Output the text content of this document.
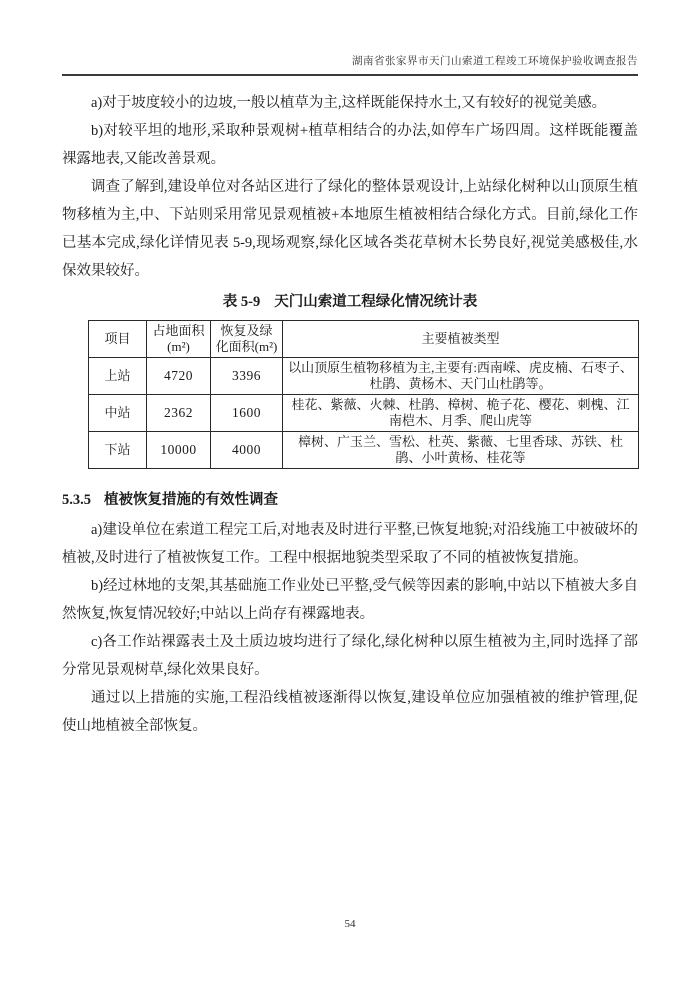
湖南省张家界市天门山索道工程竣工环境保护验收调查报告

a)对于坡度较小的边坡,一般以植草为主,这样既能保持水土,又有较好的视觉美感。

b)对较平坦的地形,采取种景观树+植草相结合的办法,如停车广场四周。这样既能覆盖裸露地表,又能改善景观。

调查了解到,建设单位对各站区进行了绿化的整体景观设计,上站绿化树种以山顶原生植物移植为主,中、下站则采用常见景观植被+本地原生植被相结合绿化方式。目前,绿化工作已基本完成,绿化详情见表 5-9,现场观察,绿化区域各类花草树木长势良好,视觉美感极佳,水保效果较好。

表 5-9 天门山索道工程绿化情况统计表
项目	占地面积(m²)	恢复及绿化面积(m²)	主要植被类型
上站	4720	3396	以山顶原生植物移植为主,主要有:西南嵘、虎皮楠、石枣子、杜鹃、黄杨木、天门山杜鹃等。
中站	2362	1600	桂花、紫薇、火棘、杜鹃、樟树、桅子花、樱花、刺槐、江南桤木、月季、爬山虎等
下站	10000	4000	樟树、广玉兰、雪松、杜英、紫薇、七里香球、苏铁、杜鹃、小叶黄杨、桂花等
5.3.5 植被恢复措施的有效性调查

a)建设单位在索道工程完工后,对地表及时进行平整,已恢复地貌;对沿线施工中被破坏的植被,及时进行了植被恢复工作。工程中根据地貌类型采取了不同的植被恢复措施。

b)经过林地的支架,其基础施工作业处已平整,受气候等因素的影响,中站以下植被大多自然恢复,恢复情况较好;中站以上尚存有裸露地表。

c)各工作站裸露表土及土质边坡均进行了绿化,绿化树种以原生植被为主,同时选择了部分常见景观树草,绿化效果良好。

通过以上措施的实施,工程沿线植被逐渐得以恢复,建设单位应加强植被的维护管理,促使山地植被全部恢复。

54
